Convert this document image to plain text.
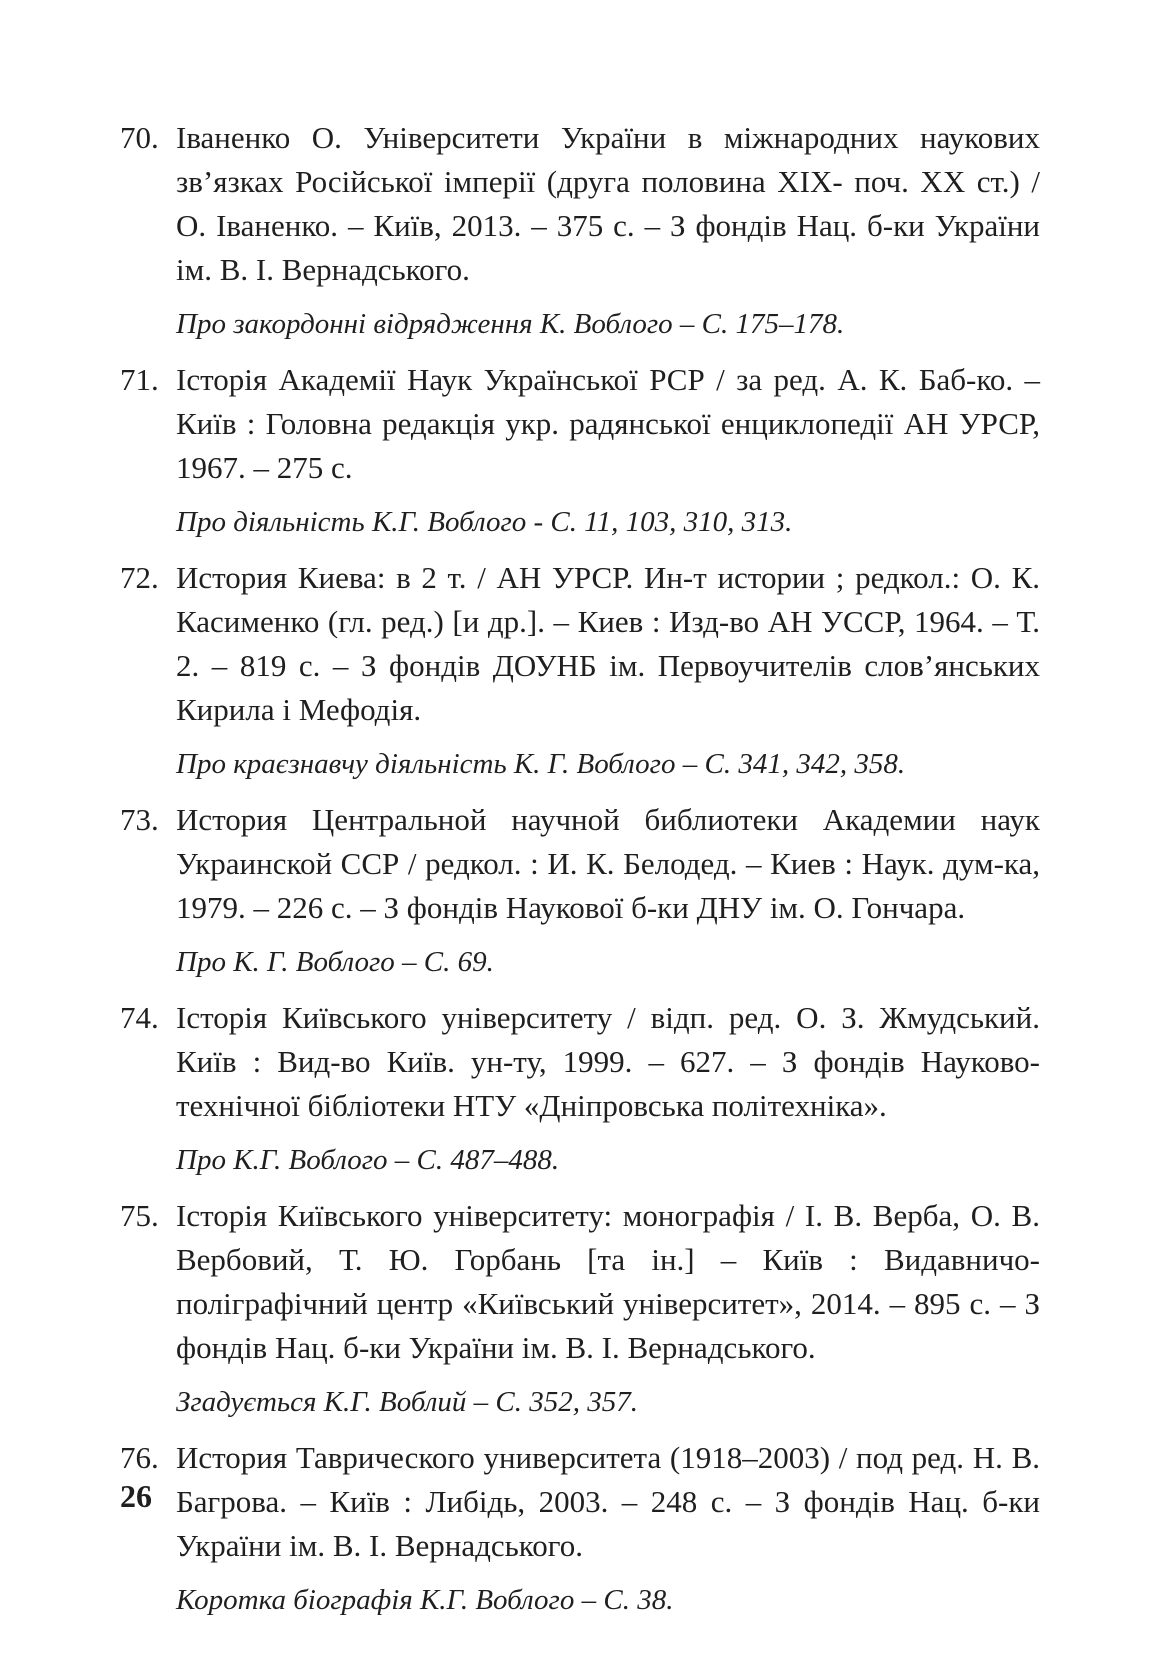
70. Іваненко О. Університети України в міжнародних наукових зв’язках Російської імперії (друга половина ХІХ- поч. ХХ ст.) / О. Іваненко. – Київ, 2013. – 375 с. – З фондів Нац. б-ки України ім. В. І. Вернадського.
Про закордонні відрядження К. Воблого – С. 175–178.
71. Історія Академії Наук Української РСР / за ред. А. К. Баб-ко. – Київ : Головна редакція укр. радянської енциклопедії АН УРСР, 1967. – 275 с.
Про діяльність К.Г. Воблого - С. 11, 103, 310, 313.
72. История Киева: в 2 т. / АН УРСР. Ин-т истории ; редкол.: О. К. Касименко (гл. ред.) [и др.]. – Киев : Изд-во АН УССР, 1964. – Т. 2. – 819 с. – З фондів ДОУНБ ім. Первоучителів слов’янських Кирила і Мефодія.
Про краєзнавчу діяльність К. Г. Воблого – С. 341, 342, 358.
73. История Центральной научной библиотеки Академии наук Украинской ССР / редкол. : И. К. Белодед. – Киев : Наук. дум-ка, 1979. – 226 с. – З фондів Наукової б-ки ДНУ ім. О. Гончара.
Про К. Г. Воблого – С. 69.
74. Історія Київського університету / відп. ред. О. З. Жмудський. Київ : Вид-во Київ. ун-ту, 1999. – 627. – З фондів Науково-технічної бібліотеки НТУ «Дніпровська політехніка».
Про К.Г. Воблого – С. 487–488.
75. Історія Київського університету: монографія / І. В. Верба, О. В. Вербовий, Т. Ю. Горбань [та ін.] – Київ : Видавничо-поліграфічний центр «Київський університет», 2014. – 895 с. – З фондів Нац. б-ки України ім. В. І. Вернадського.
Згадується К.Г. Воблий – С. 352, 357.
76. История Таврического университета (1918–2003) / под ред. Н. В. Багрова. – Київ : Либідь, 2003. – 248 с. – З фондів Нац. б-ки України ім. В. І. Вернадського.
Коротка біографія К.Г. Воблого – С. 38.
26
